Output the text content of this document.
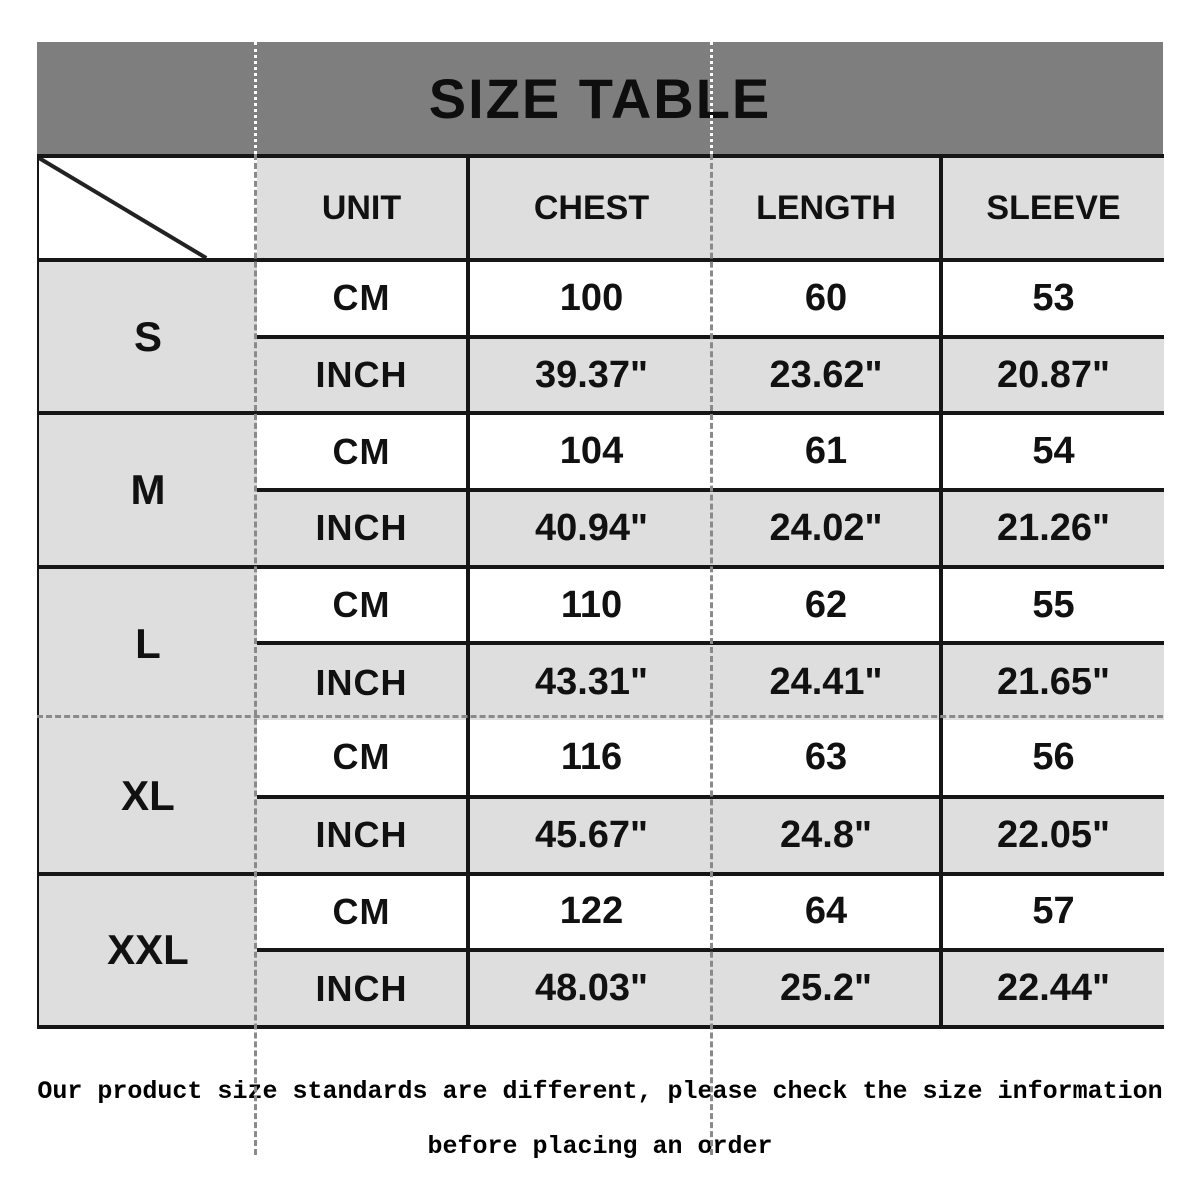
SIZE TABLE
	UNIT	CHEST	LENGTH	SLEEVE
S	CM	100	60	53
	INCH	39.37"	23.62"	20.87"
M	CM	104	61	54
	INCH	40.94"	24.02"	21.26"
L	CM	110	62	55
	INCH	43.31"	24.41"	21.65"
XL	CM	116	63	56
	INCH	45.67"	24.8"	22.05"
XXL	CM	122	64	57
	INCH	48.03"	25.2"	22.44"
Our product size standards are different, please check the size information
before placing an order
